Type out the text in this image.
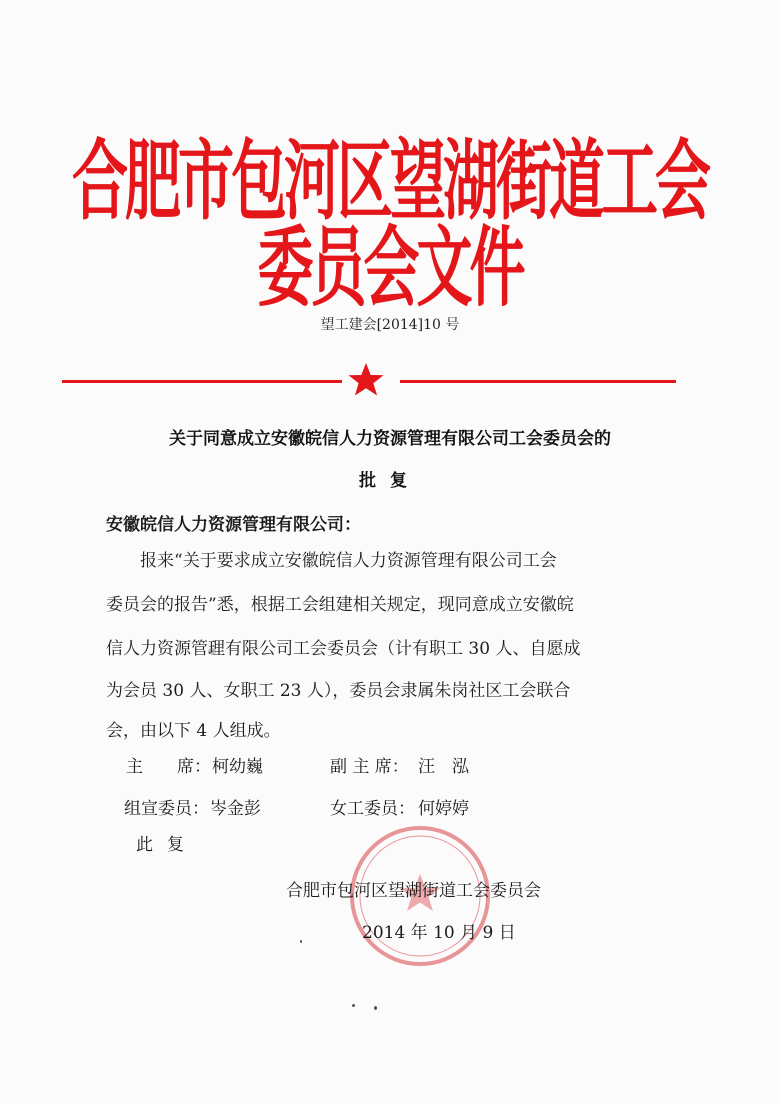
合肥市包河区望湖街道工会委员会文件
望工建会[2014]10 号
关于同意成立安徽皖信人力资源管理有限公司工会委员会的
批复
安徽皖信人力资源管理有限公司：
报来“关于要求成立安徽皖信人力资源管理有限公司工会
委员会的报告”悉，根据工会组建相关规定，现同意成立安徽皖
信人力资源管理有限公司工会委员会（计有职工 30 人、自愿成
为会员 30 人、女职工 23 人），委员会隶属朱岗社区工会联合
会，由以下 4 人组成。
主　　席： 柯幼巍	副 主 席： 汪　泓
组宣委员： 岑金彭	女工委员： 何婷婷
此复
合肥市包河区望湖街道工会委员会
2014 年 10 月 9 日
